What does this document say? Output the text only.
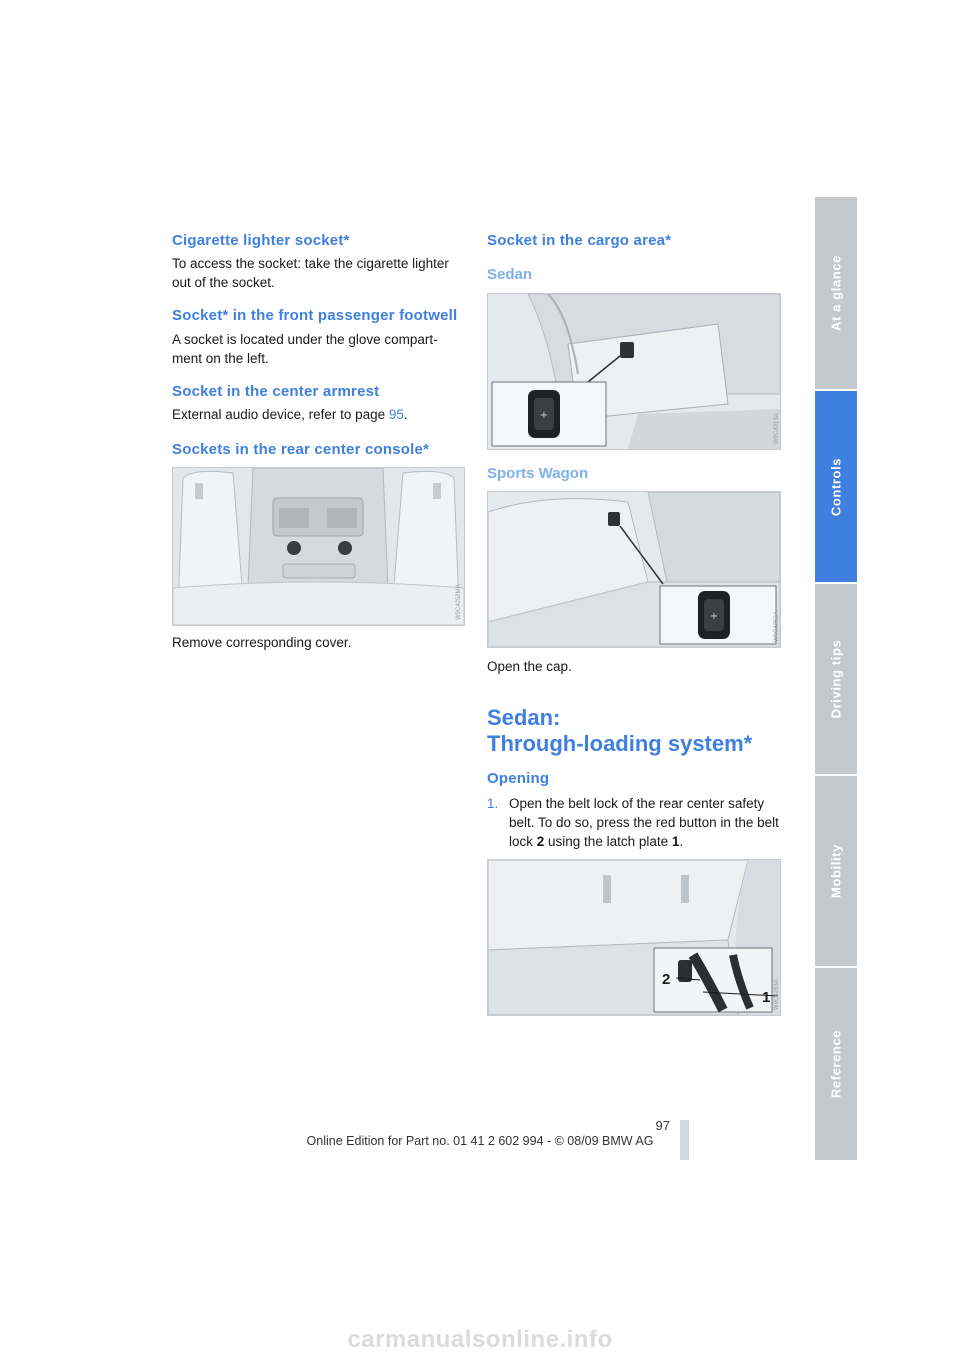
Cigarette lighter socket*

To access the socket: take the cigarette lighter out of the socket.

Socket* in the front passenger footwell

A socket is located under the glove compart-ment on the left.

Socket in the center armrest

External audio device, refer to page 95.

Sockets in the rear center console*
W9C4252MA

Remove corresponding cover.

Socket in the cargo area*
Sedan
+	W9C4013A
Sports Wagon
+	W9C4252A

Open the cap.

Sedan:
Through-loading system*
Opening
1. Open the belt lock of the rear center safety belt. To do so, press the red button in the belt lock 2 using the latch plate 1.

2
1 W9C4283A
At a glance
Controls
Driving tips
Mobility
Reference
97
Online Edition for Part no. 01 41 2 602 994 - © 08/09 BMW AG
carmanualsonline.info
